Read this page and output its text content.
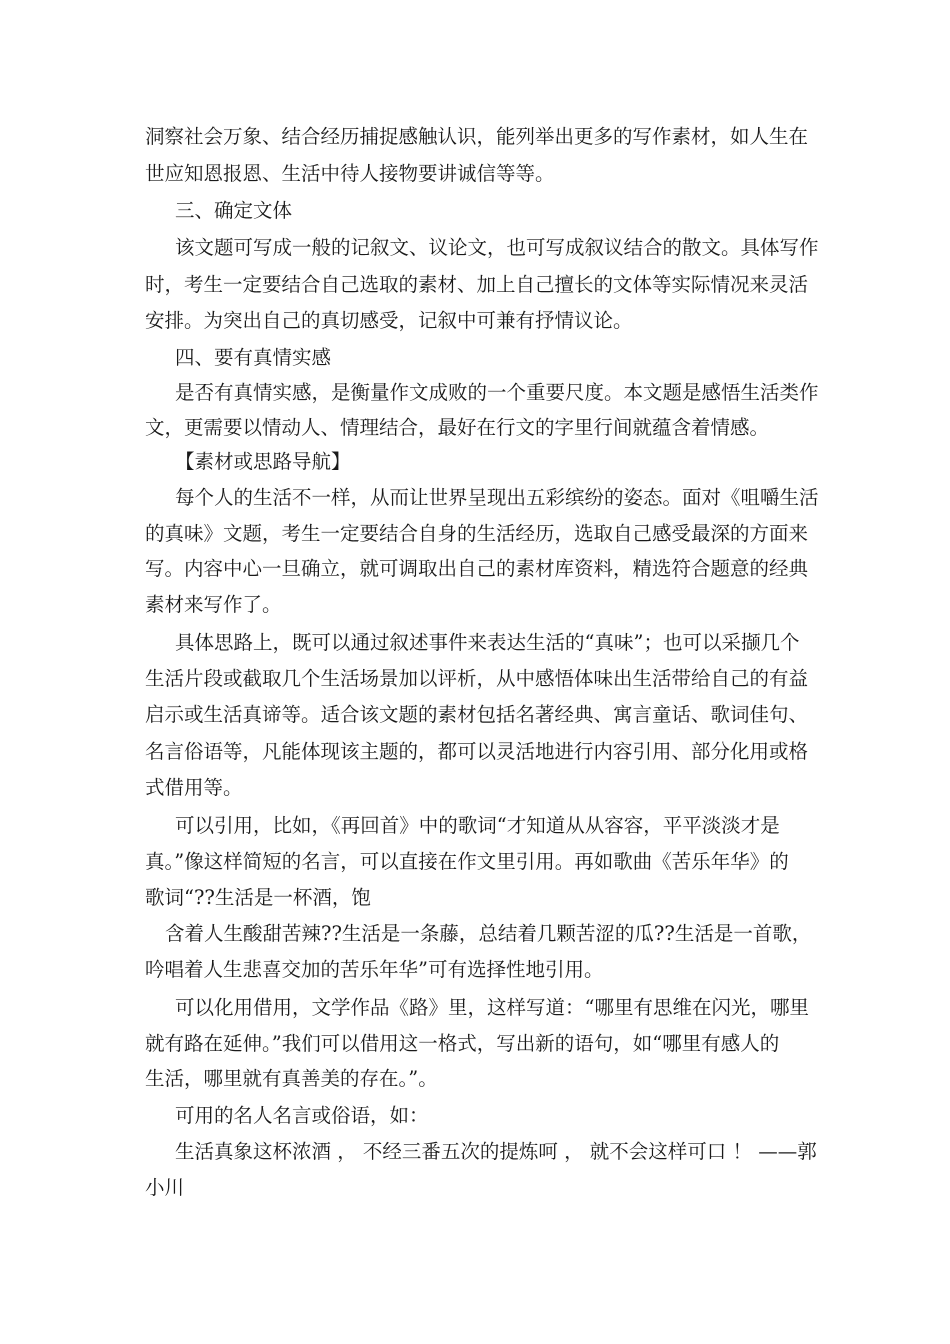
洞察社会万象、结合经历捕捉感触认识，能列举出更多的写作素材，如人生在
世应知恩报恩、生活中待人接物要讲诚信等等。
三、确定文体
该文题可写成一般的记叙文、议论文，也可写成叙议结合的散文。具体写作
时，考生一定要结合自己选取的素材、加上自己擅长的文体等实际情况来灵活
安排。为突出自己的真切感受，记叙中可兼有抒情议论。
四、要有真情实感
是否有真情实感，是衡量作文成败的一个重要尺度。本文题是感悟生活类作
文，更需要以情动人、情理结合，最好在行文的字里行间就蕴含着情感。
【素材或思路导航】
每个人的生活不一样，从而让世界呈现出五彩缤纷的姿态。面对《咀嚼生活
的真味》文题，考生一定要结合自身的生活经历，选取自己感受最深的方面来
写。内容中心一旦确立，就可调取出自己的素材库资料，精选符合题意的经典
素材来写作了。
具体思路上，既可以通过叙述事件来表达生活的“真味”；也可以采撷几个
生活片段或截取几个生活场景加以评析，从中感悟体味出生活带给自己的有益
启示或生活真谛等。适合该文题的素材包括名著经典、寓言童话、歌词佳句、
名言俗语等，凡能体现该主题的，都可以灵活地进行内容引用、部分化用或格
式借用等。
可以引用，比如，《再回首》中的歌词“才知道从从容容，平平淡淡才是
真。”像这样简短的名言，可以直接在作文里引用。再如歌曲《苦乐年华》的
歌词“??生活是一杯酒，饱
含着人生酸甜苦辣??生活是一条藤，总结着几颗苦涩的瓜??生活是一首歌，
吟唱着人生悲喜交加的苦乐年华”可有选择性地引用。
可以化用借用，文学作品《路》里，这样写道：“哪里有思维在闪光，哪里
就有路在延伸。”我们可以借用这一格式，写出新的语句，如“哪里有感人的
生活，哪里就有真善美的存在。”。
可用的名人名言或俗语，如：
生活真象这杯浓酒 ， 不经三番五次的提炼呵 ， 就不会这样可口 ！ ——郭
小川
